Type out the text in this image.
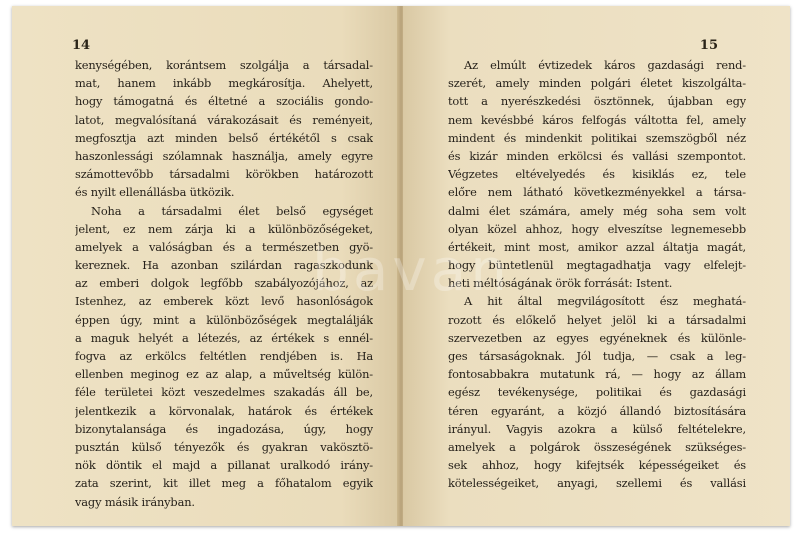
14
kenységében, korántsem szolgálja a társadal-
mat, hanem inkább megkárosítja. Ahelyett,
hogy támogatná és éltetné a szociális gondo-
latot, megvalósítaná várakozásait és reményeit,
megfosztja azt minden belső értékétől s csak
haszonlessági szólamnak használja, amely egyre
számottevőbb társadalmi körökben határozott
és nyilt ellenállásba ütközik.
Noha a társadalmi élet belső egységet
jelent, ez nem zárja ki a különbözőségeket,
amelyek a valóságban és a természetben gyö-
kereznek. Ha azonban szilárdan ragaszkodunk
az emberi dolgok legfőbb szabályozójához, az
Istenhez, az emberek közt levő hasonlóságok
éppen úgy, mint a különbözőségek megtalálják
a maguk helyét a létezés, az értékek s ennél-
fogva az erkölcs feltétlen rendjében is. Ha
ellenben meginog ez az alap, a műveltség külön-
féle területei közt veszedelmes szakadás áll be,
jelentkezik a körvonalak, határok és értékek
bizonytalansága és ingadozása, úgy, hogy
pusztán külső tényezők és gyakran vakösztö-
nök döntik el majd a pillanat uralkodó irány-
zata szerint, kit illet meg a főhatalom egyik
vagy másik irányban.
15
Az elmúlt évtizedek káros gazdasági rend-
szerét, amely minden polgári életet kiszolgálta-
tott a nyerészkedési ösztönnek, újabban egy
nem kevésbbé káros felfogás váltotta fel, amely
mindent és mindenkit politikai szemszögből néz
és kizár minden erkölcsi és vallási szempontot.
Végzetes eltévelyedés és kisiklás ez, tele
előre nem látható következményekkel a társa-
dalmi élet számára, amely még soha sem volt
olyan közel ahhoz, hogy elveszítse legnemesebb
értékeit, mint most, amikor azzal áltatja magát,
hogy büntetlenül megtagadhatja vagy elfelejt-
heti méltóságának örök forrását: Istent.
A hit által megvilágosított ész meghatá-
rozott és előkelő helyet jelöl ki a társadalmi
szervezetben az egyes egyéneknek és különle-
ges társaságoknak. Jól tudja, — csak a leg-
fontosabbakra mutatunk rá, — hogy az állam
egész tevékenysége, politikai és gazdasági
téren egyaránt, a közjó állandó biztosítására
irányul. Vagyis azokra a külső feltételekre,
amelyek a polgárok összeségének szükséges-
sek ahhoz, hogy kifejtsék képességeiket és
kötelességeiket, anyagi, szellemi és vallási
bavan
